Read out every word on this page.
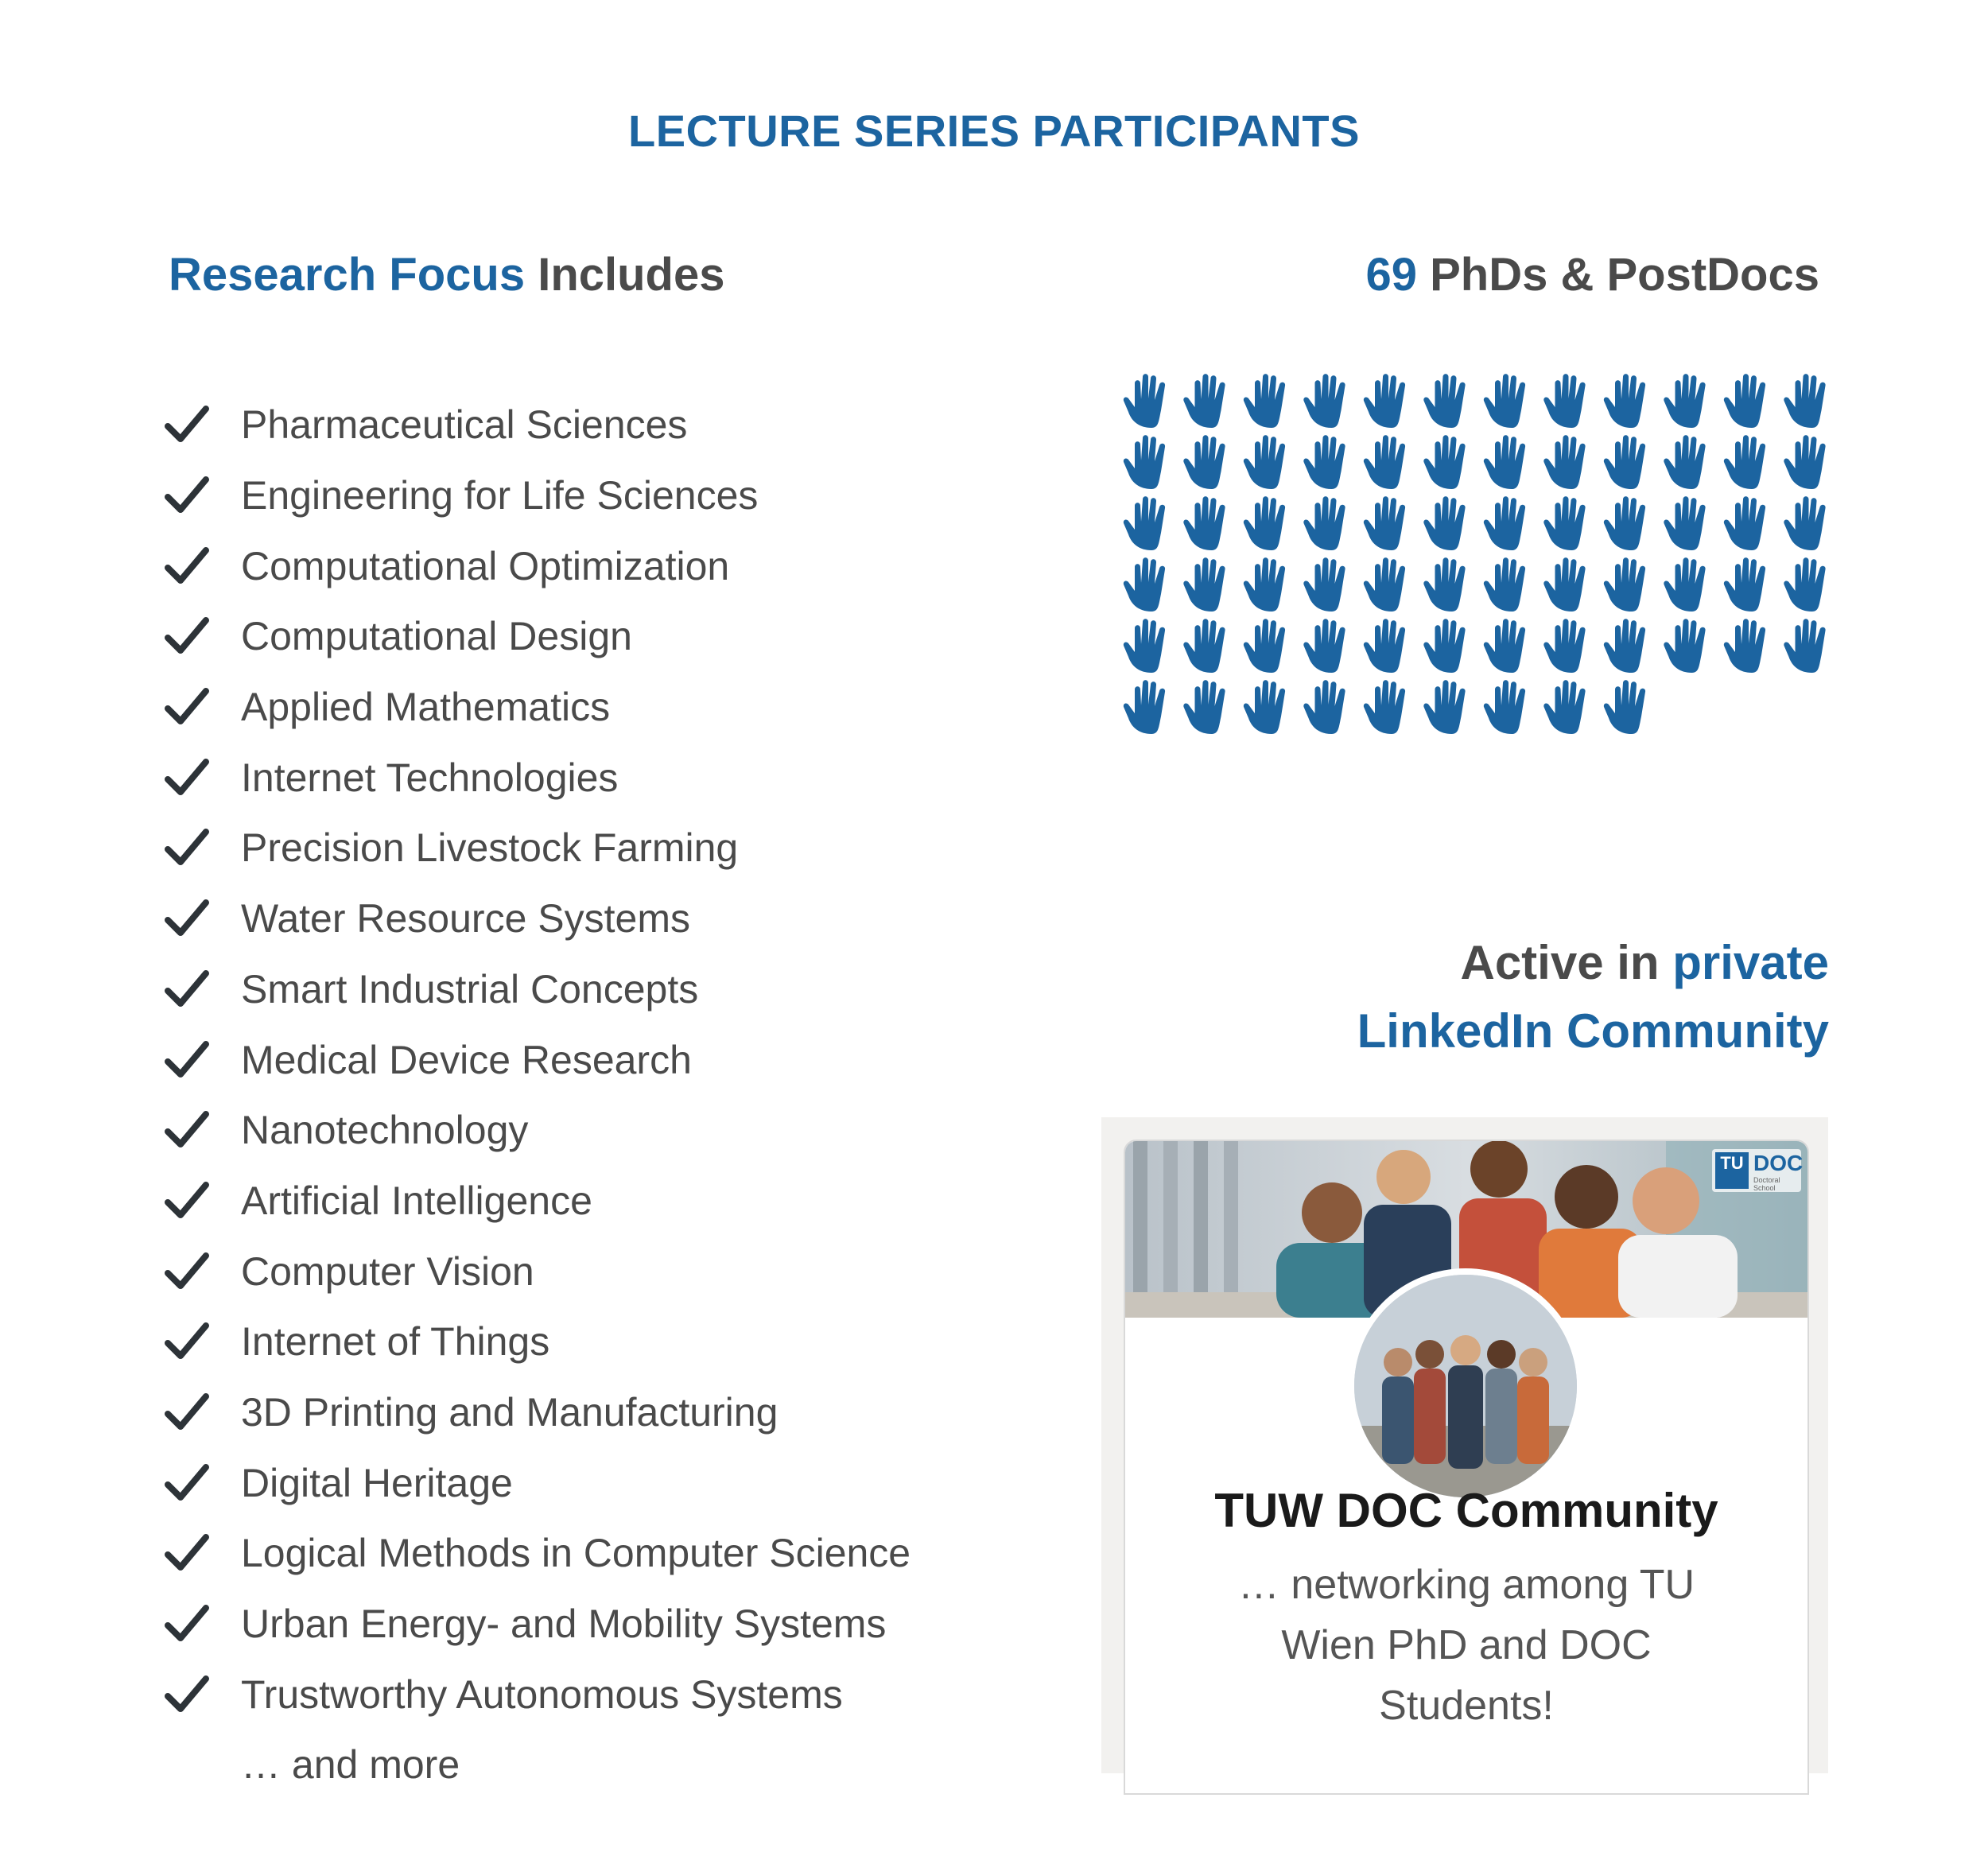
LECTURE SERIES PARTICIPANTS
Research Focus Includes	69 PhDs & PostDocs
Pharmaceutical Sciences
Engineering for Life Sciences
Computational Optimization
Computational Design
Applied Mathematics
Internet Technologies
Precision Livestock Farming
Water Resource Systems
Smart Industrial Concepts
Medical Device Research
Nanotechnology
Artificial Intelligence
Computer Vision
Internet of Things
3D Printing and Manufacturing
Digital Heritage
Logical Methods in Computer Science
Urban Energy- and Mobility Systems
Trustworthy Autonomous Systems
… and more
Active in private
LinkedIn Community
TU DOC
Doctoral School
TUW DOC Community
… networking among TU Wien PhD and DOC Students!
